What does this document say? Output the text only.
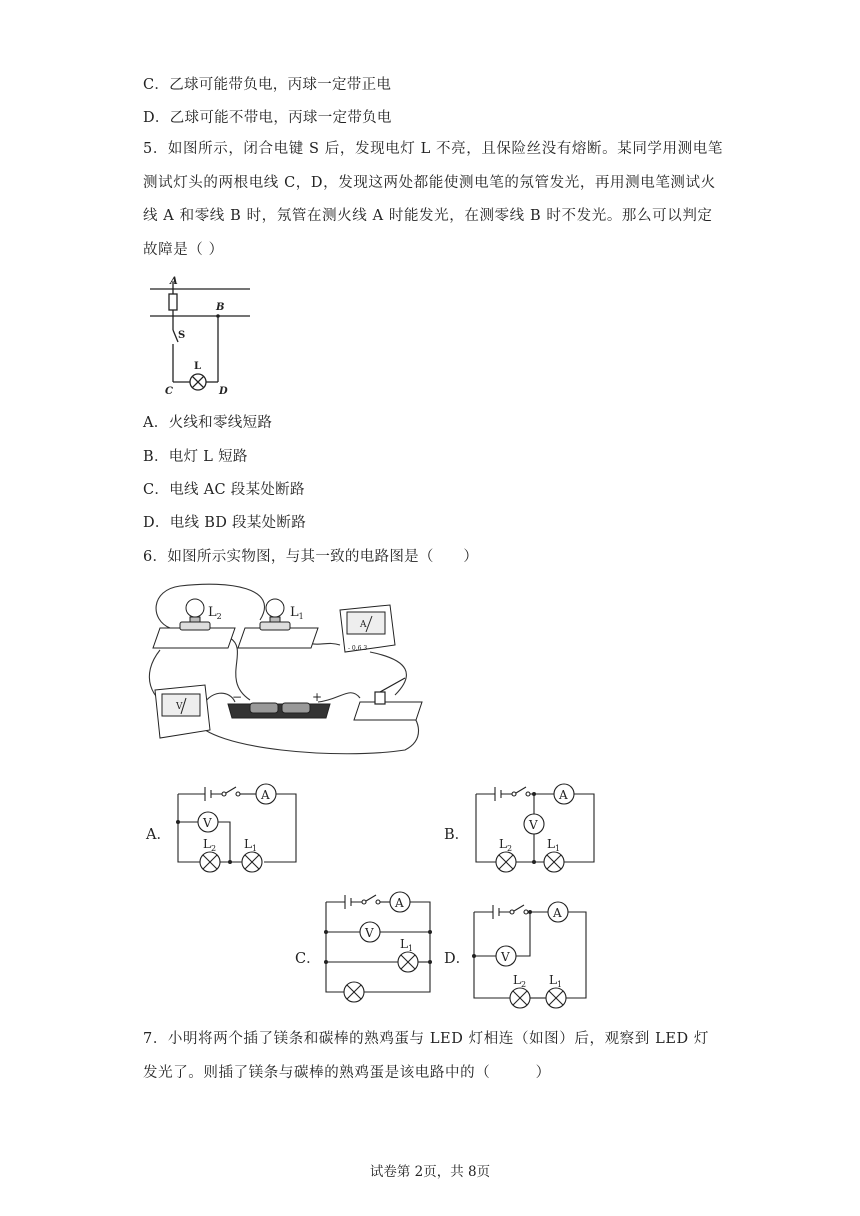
C．乙球可能带负电，丙球一定带正电
D．乙球可能不带电，丙球一定带负电
5．如图所示，闭合电键 S 后，发现电灯 L 不亮，且保险丝没有熔断。某同学用测电笔测试灯头的两根电线 C，D，发现这两处都能使测电笔的氖管发光，再用测电笔测试火线 A 和零线 B 时，氖管在测火线 A 时能发光，在测零线 B 时不发光。那么可以判定故障是（ ）
A
B
S
L
C	D
A．火线和零线短路
B．电灯 L 短路
C．电线 AC 段某处断路
D．电线 BD 段某处断路
6．如图所示实物图，与其一致的电路图是（　　）
A
- 0.6 3
V
−	+
$L_2$	$L_1$
A．
A
V
$L_2$ $L_1$
B．
A
V
$L_2$	$L_1$
C．
A
V
$L_1$
D．
A
V
$L_2$ $L_1$
7．小明将两个插了镁条和碳棒的熟鸡蛋与 LED 灯相连（如图）后，观察到 LED 灯发光了。则插了镁条与碳棒的熟鸡蛋是该电路中的（　　　）
试卷第 2页，共 8页
